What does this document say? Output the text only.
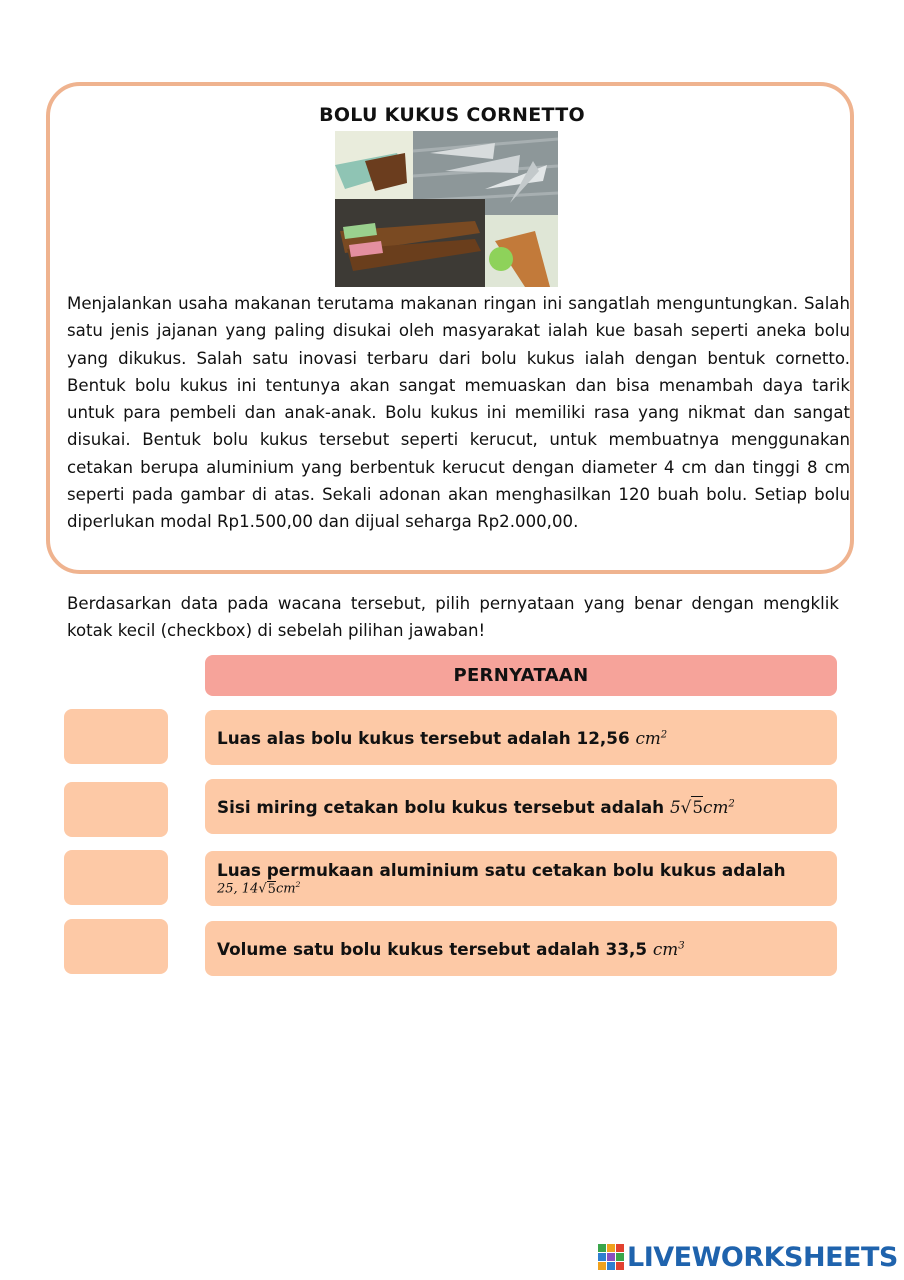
BOLU KUKUS CORNETTO
Menjalankan usaha makanan terutama makanan ringan ini sangatlah menguntungkan. Salah satu jenis jajanan yang paling disukai oleh masyarakat ialah kue basah seperti aneka bolu yang dikukus. Salah satu inovasi terbaru dari bolu kukus ialah dengan bentuk cornetto. Bentuk bolu kukus ini tentunya akan sangat memuaskan dan bisa menambah daya tarik untuk para pembeli dan anak-anak. Bolu kukus ini memiliki rasa yang nikmat dan sangat disukai. Bentuk bolu kukus tersebut seperti kerucut, untuk membuatnya menggunakan cetakan berupa aluminium yang berbentuk kerucut dengan diameter 4 cm dan tinggi 8 cm seperti pada gambar di atas. Sekali adonan akan menghasilkan 120 buah bolu. Setiap bolu diperlukan modal Rp1.500,00 dan dijual seharga Rp2.000,00.
Berdasarkan data pada wacana tersebut, pilih pernyataan yang benar dengan mengklik kotak kecil (checkbox) di sebelah pilihan jawaban!
PERNYATAAN
Luas alas bolu kukus tersebut adalah 12,56 $cm^2$
Sisi miring cetakan bolu kukus tersebut adalah $5√5cm^2$
Luas permukaan aluminium satu cetakan bolu kukus adalah
25, $14√5cm^2$
Volume satu bolu kukus tersebut adalah 33,5 $cm^3$
LIVEWORKSHEETS
